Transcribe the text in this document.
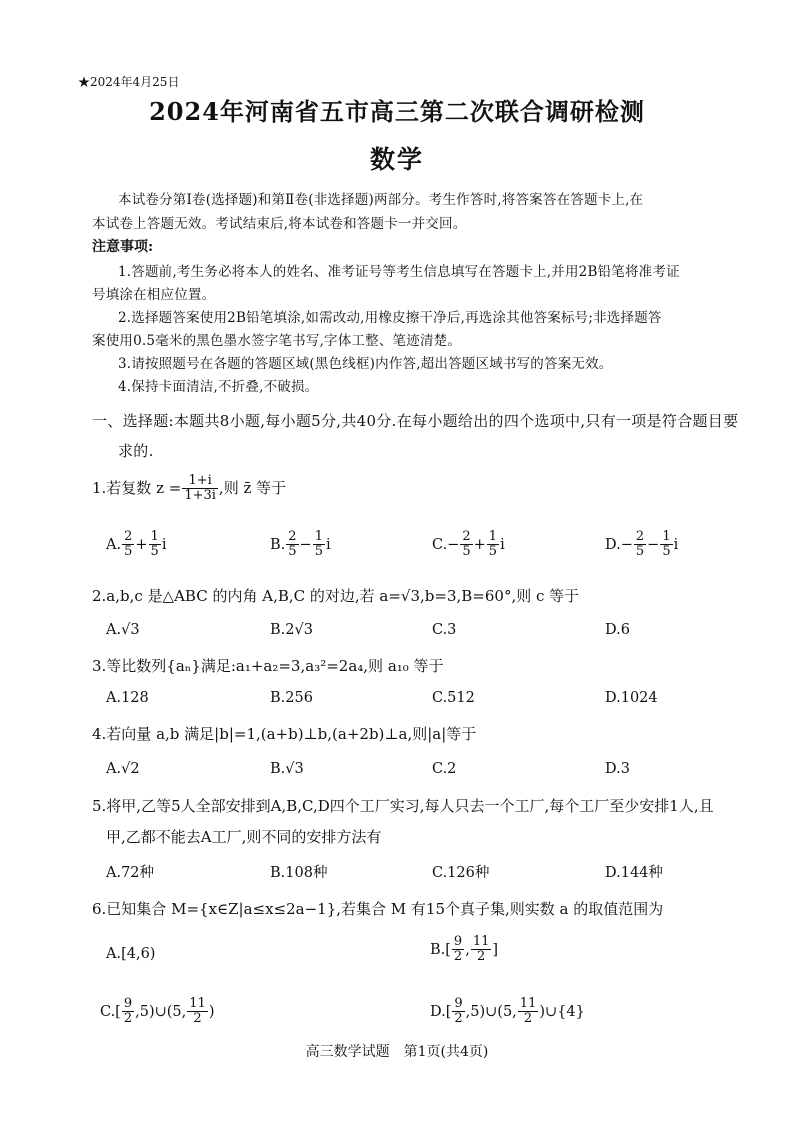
★2024年4月25日
2024年河南省五市高三第二次联合调研检测
数学
本试卷分第Ⅰ卷(选择题)和第Ⅱ卷(非选择题)两部分。考生作答时,将答案答在答题卡上,在
本试卷上答题无效。考试结束后,将本试卷和答题卡一并交回。
注意事项:
1.答题前,考生务必将本人的姓名、准考证号等考生信息填写在答题卡上,并用2B铅笔将准考证
号填涂在相应位置。
2.选择题答案使用2B铅笔填涂,如需改动,用橡皮擦干净后,再选涂其他答案标号;非选择题答
案使用0.5毫米的黑色墨水签字笔书写,字体工整、笔迹清楚。
3.请按照题号在各题的答题区域(黑色线框)内作答,超出答题区域书写的答案无效。
4.保持卡面清洁,不折叠,不破损。
一、选择题:本题共8小题,每小题5分,共40分.在每小题给出的四个选项中,只有一项是符合题目要
求的.
1.若复数 $z = \frac{1+i}{1+3i}$ ,则 z̄ 等于
A. $\frac{2}{5} + \frac{1}{5}$ i	B. $\frac{2}{5} - \frac{1}{5}$ i	$C.- \frac{2}{5} + \frac{1}{5}$ i	$D.- \frac{2}{5} - \frac{1}{5}$ i
2.a,b,c 是△ABC 的内角 A,B,C 的对边,若 a=√3,b=3,B=60°,则 c 等于
A.√3	B.2√3	C.3	D.6
3.等比数列{aₙ}满足:a₁+a₂=3,a₃²=2a₄,则 a₁₀ 等于
A.128	B.256	C.512	D.1024
4.若向量 a,b 满足|b|=1,(a+b)⊥b,(a+2b)⊥a,则|a|等于
A.√2	B.√3	C.2	D.3
5.将甲,乙等5人全部安排到A,B,C,D四个工厂实习,每人只去一个工厂,每个工厂至少安排1人,且
甲,乙都不能去A工厂,则不同的安排方法有
A.72种	B.108种	C.126种	D.144种
6.已知集合 M={x∈Z|a≤x≤2a−1},若集合 M 有15个真子集,则实数 a 的取值范围为
A.[4,6)	$B.[ \frac{9}{2}$ , $\frac{11}{2}$ ]
$C.[ \frac{9}{2}$ ,5)∪(5, $\frac{11}{2}$ )	$D.[ \frac{9}{2}$ ,5)∪(5, $\frac{11}{2}$ )∪{4}
高三数学试题　第1页(共4页)
